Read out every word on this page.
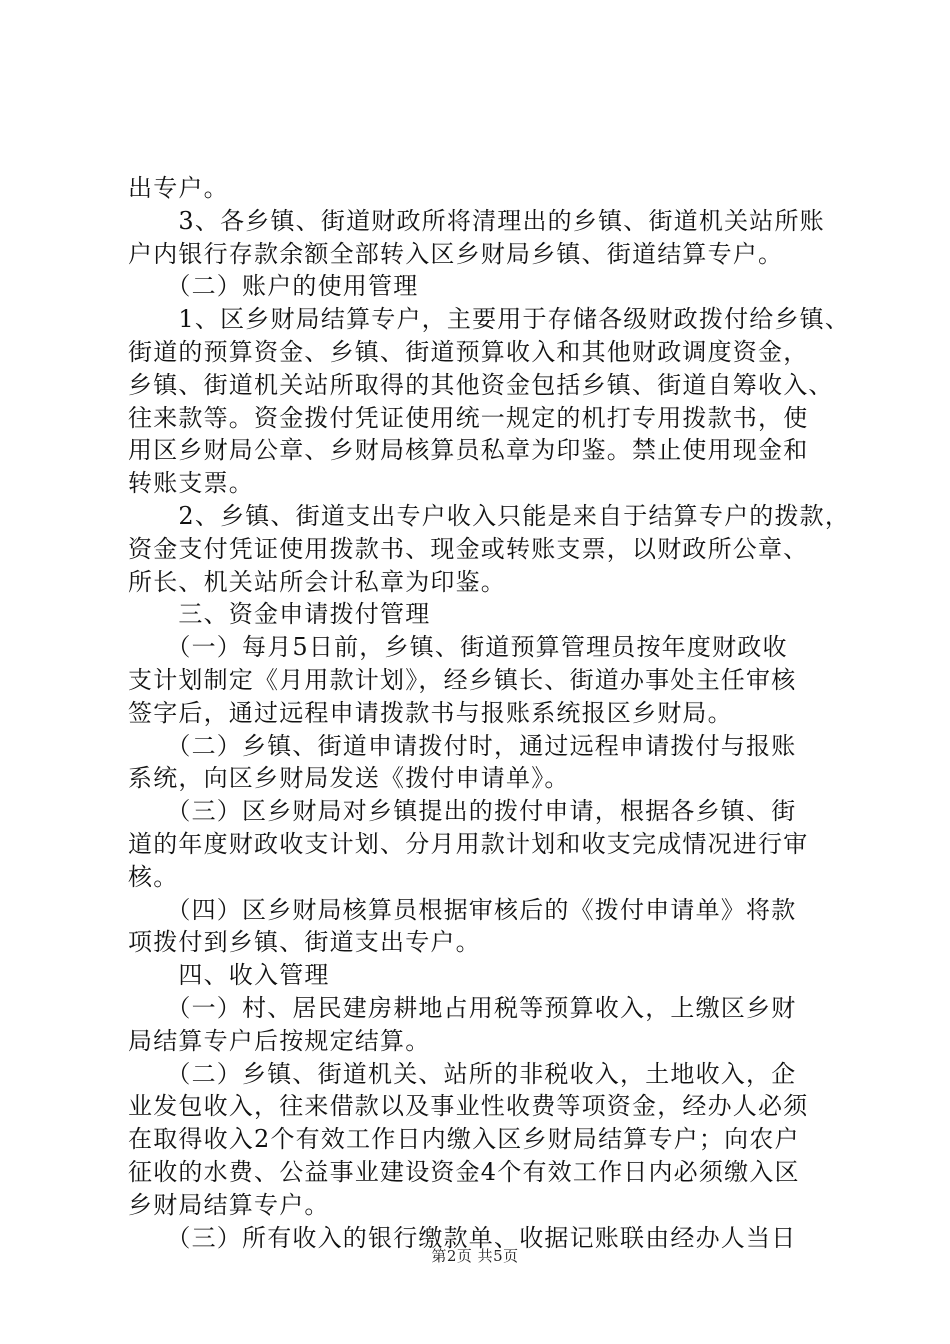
出专户。
　　3、各乡镇、街道财政所将清理出的乡镇、街道机关站所账
户内银行存款余额全部转入区乡财局乡镇、街道结算专户。
　　（二）账户的使用管理
　　1、区乡财局结算专户，主要用于存储各级财政拨付给乡镇、
街道的预算资金、乡镇、街道预算收入和其他财政调度资金，
乡镇、街道机关站所取得的其他资金包括乡镇、街道自筹收入、
往来款等。资金拨付凭证使用统一规定的机打专用拨款书，使
用区乡财局公章、乡财局核算员私章为印鉴。禁止使用现金和
转账支票。
　　2、乡镇、街道支出专户收入只能是来自于结算专户的拨款，
资金支付凭证使用拨款书、现金或转账支票，以财政所公章、
所长、机关站所会计私章为印鉴。
　　三、资金申请拨付管理
　　（一）每月5日前，乡镇、街道预算管理员按年度财政收
支计划制定《月用款计划》，经乡镇长、街道办事处主任审核
签字后，通过远程申请拨款书与报账系统报区乡财局。
　　（二）乡镇、街道申请拨付时，通过远程申请拨付与报账
系统，向区乡财局发送《拨付申请单》。
　　（三）区乡财局对乡镇提出的拨付申请，根据各乡镇、街
道的年度财政收支计划、分月用款计划和收支完成情况进行审
核。
　　（四）区乡财局核算员根据审核后的《拨付申请单》将款
项拨付到乡镇、街道支出专户。
　　四、收入管理
　　（一）村、居民建房耕地占用税等预算收入，上缴区乡财
局结算专户后按规定结算。
　　（二）乡镇、街道机关、站所的非税收入，土地收入，企
业发包收入，往来借款以及事业性收费等项资金，经办人必须
在取得收入2个有效工作日内缴入区乡财局结算专户；向农户
征收的水费、公益事业建设资金4个有效工作日内必须缴入区
乡财局结算专户。
　　（三）所有收入的银行缴款单、收据记账联由经办人当日
第2页 共5页
